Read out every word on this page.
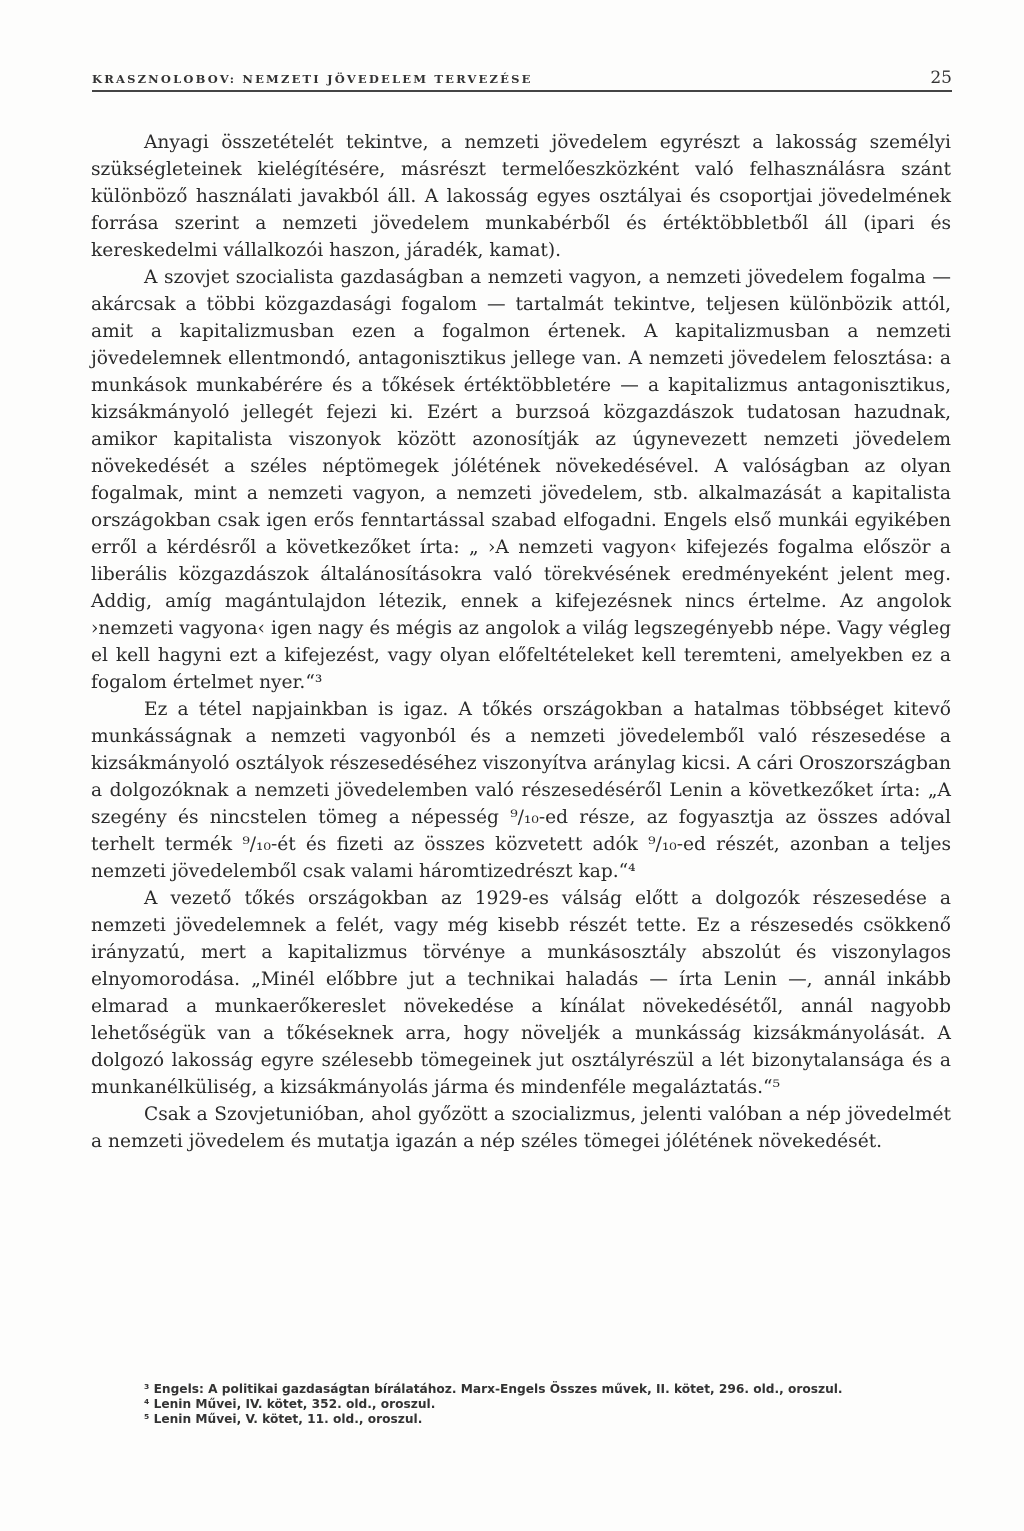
KRASZNOLOBOV: NEMZETI JÖVEDELEM TERVEZÉSE	25

Anyagi összetételét tekintve, a nemzeti jövedelem egyrészt a lakosság személyi szükségleteinek kielégítésére, másrészt termelőeszközként való felhasználásra szánt különböző használati javakból áll. A lakosság egyes osztályai és csoportjai jövedelmének forrása szerint a nemzeti jövedelem munkabérből és értéktöbbletből áll (ipari és kereskedelmi vállalkozói haszon, járadék, kamat).

A szovjet szocialista gazdaságban a nemzeti vagyon, a nemzeti jövedelem fogalma — akárcsak a többi közgazdasági fogalom — tartalmát tekintve, teljesen különbözik attól, amit a kapitalizmusban ezen a fogalmon értenek. A kapitalizmusban a nemzeti jövedelemnek ellentmondó, antagonisztikus jellege van. A nemzeti jövedelem felosztása: a munkások munkabérére és a tőkések értéktöbbletére — a kapitalizmus antagonisztikus, kizsákmányoló jellegét fejezi ki. Ezért a burzsoá közgazdászok tudatosan hazudnak, amikor kapitalista viszonyok között azonosítják az úgynevezett nemzeti jövedelem növekedését a széles néptömegek jólétének növekedésével. A valóságban az olyan fogalmak, mint a nemzeti vagyon, a nemzeti jövedelem, stb. alkalmazását a kapitalista országokban csak igen erős fenntartással szabad elfogadni. Engels első munkái egyikében erről a kérdésről a következőket írta: „ ›A nemzeti vagyon‹ kifejezés fogalma először a liberális közgazdászok általánosításokra való törekvésének eredményeként jelent meg. Addig, amíg magántulajdon létezik, ennek a kifejezésnek nincs értelme. Az angolok ›nemzeti vagyona‹ igen nagy és mégis az angolok a világ legszegényebb népe. Vagy végleg el kell hagyni ezt a kifejezést, vagy olyan előfeltételeket kell teremteni, amelyekben ez a fogalom értelmet nyer.“³

Ez a tétel napjainkban is igaz. A tőkés országokban a hatalmas többséget kitevő munkásságnak a nemzeti vagyonból és a nemzeti jövedelemből való részesedése a kizsákmányoló osztályok részesedéséhez viszonyítva aránylag kicsi. A cári Oroszországban a dolgozóknak a nemzeti jövedelemben való részesedéséről Lenin a következőket írta: „A szegény és nincstelen tömeg a népesség ⁹/₁₀-ed része, az fogyasztja az összes adóval terhelt termék ⁹/₁₀-ét és fizeti az összes közvetett adók ⁹/₁₀-ed részét, azonban a teljes nemzeti jövedelemből csak valami háromtizedrészt kap.“⁴

A vezető tőkés országokban az 1929-es válság előtt a dolgozók részesedése a nemzeti jövedelemnek a felét, vagy még kisebb részét tette. Ez a részesedés csökkenő irányzatú, mert a kapitalizmus törvénye a munkásosztály abszolút és viszonylagos elnyomorodása. „Minél előbbre jut a technikai haladás — írta Lenin —, annál inkább elmarad a munkaerőkereslet növekedése a kínálat növekedésétől, annál nagyobb lehetőségük van a tőkéseknek arra, hogy növeljék a munkásság kizsákmányolását. A dolgozó lakosság egyre szélesebb tömegeinek jut osztályrészül a lét bizonytalansága és a munkanélküliség, a kizsákmányolás járma és mindenféle megaláztatás.“⁵

Csak a Szovjetunióban, ahol győzött a szocializmus, jelenti valóban a nép jövedelmét a nemzeti jövedelem és mutatja igazán a nép széles tömegei jólétének növekedését.

³ Engels: A politikai gazdaságtan bírálatához. Marx-Engels Összes művek, II. kötet, 296. old., oroszul.

⁴ Lenin Művei, IV. kötet, 352. old., oroszul.

⁵ Lenin Művei, V. kötet, 11. old., oroszul.
